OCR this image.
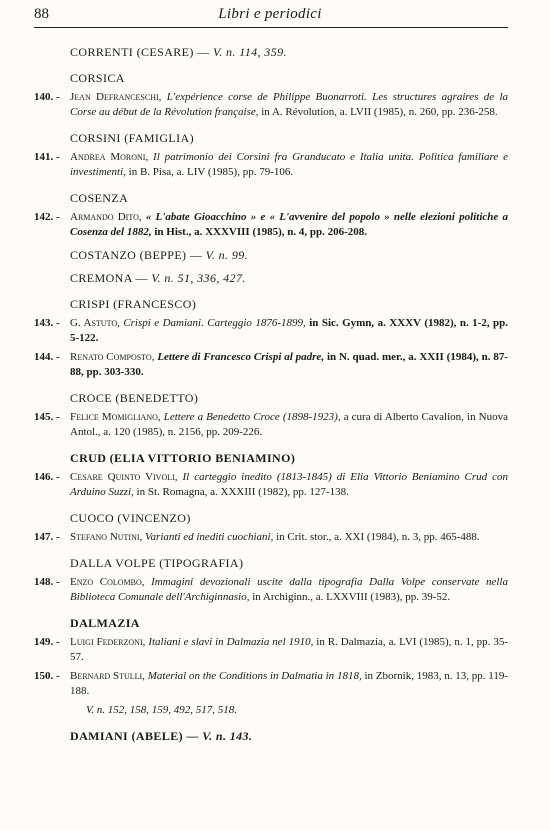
88	Libri e periodici

CORRENTI (CESARE) — V. n. 114, 359.

CORSICA

140. - Jean Defranceschi, L'expérience corse de Philippe Buonarroti. Les structures agraires de la Corse au début de la Révolution française, in A. Révolution, a. LVII (1985), n. 260, pp. 236-258.

CORSINI (FAMIGLIA)

141. - Andrea Moroni, Il patrimonio dei Corsini fra Granducato e Italia unita. Politica familiare e investimenti, in B. Pisa, a. LIV (1985), pp. 79-106.

COSENZA

142. - Armando Dito, « L'abate Gioacchino » e « L'avvenire del popolo » nelle elezioni politiche a Cosenza del 1882, in Hist., a. XXXVIII (1985), n. 4, pp. 206-208.

COSTANZO (BEPPE) — V. n. 99.

CREMONA — V. n. 51, 336, 427.

CRISPI (FRANCESCO)

143. - G. Astuto, Crispi e Damiani. Carteggio 1876-1899, in Sic. Gymn, a. XXXV (1982), n. 1-2, pp. 5-122.
144. - Renato Composto, Lettere di Francesco Crispi al padre, in N. quad. mer., a. XXII (1984), n. 87-88, pp. 303-330.

CROCE (BENEDETTO)

145. - Felice Momigliano, Lettere a Benedetto Croce (1898-1923), a cura di Alberto Cavalion, in Nuova Antol., a. 120 (1985), n. 2156, pp. 209-226.

CRUD (ELIA VITTORIO BENIAMINO)

146. - Cesare Quinto Vivoli, Il carteggio inedito (1813-1845) di Elia Vittorio Beniamino Crud con Arduino Suzzi, in St. Romagna, a. XXXIII (1982), pp. 127-138.

CUOCO (VINCENZO)

147. - Stefano Nutini, Varianti ed inediti cuochiani, in Crit. stor., a. XXI (1984), n. 3, pp. 465-488.

DALLA VOLPE (TIPOGRAFIA)

148. - Enzo Colombo, Immagini devozionali uscite dalla tipografia Dalla Volpe conservate nella Biblioteca Comunale dell'Archiginnasio, in Archiginn., a. LXXVIII (1983), pp. 39-52.

DALMAZIA

149. - Luigi Federzoni, Italiani e slavi in Dalmazia nel 1910, in R. Dalmazia, a. LVI (1985), n. 1, pp. 35-57.
150. - Bernard Stulli, Material on the Conditions in Dalmatia in 1818, in Zbornik, 1983, n. 13, pp. 119-188.

V. n. 152, 158, 159, 492, 517, 518.

DAMIANI (ABELE) — V. n. 143.
